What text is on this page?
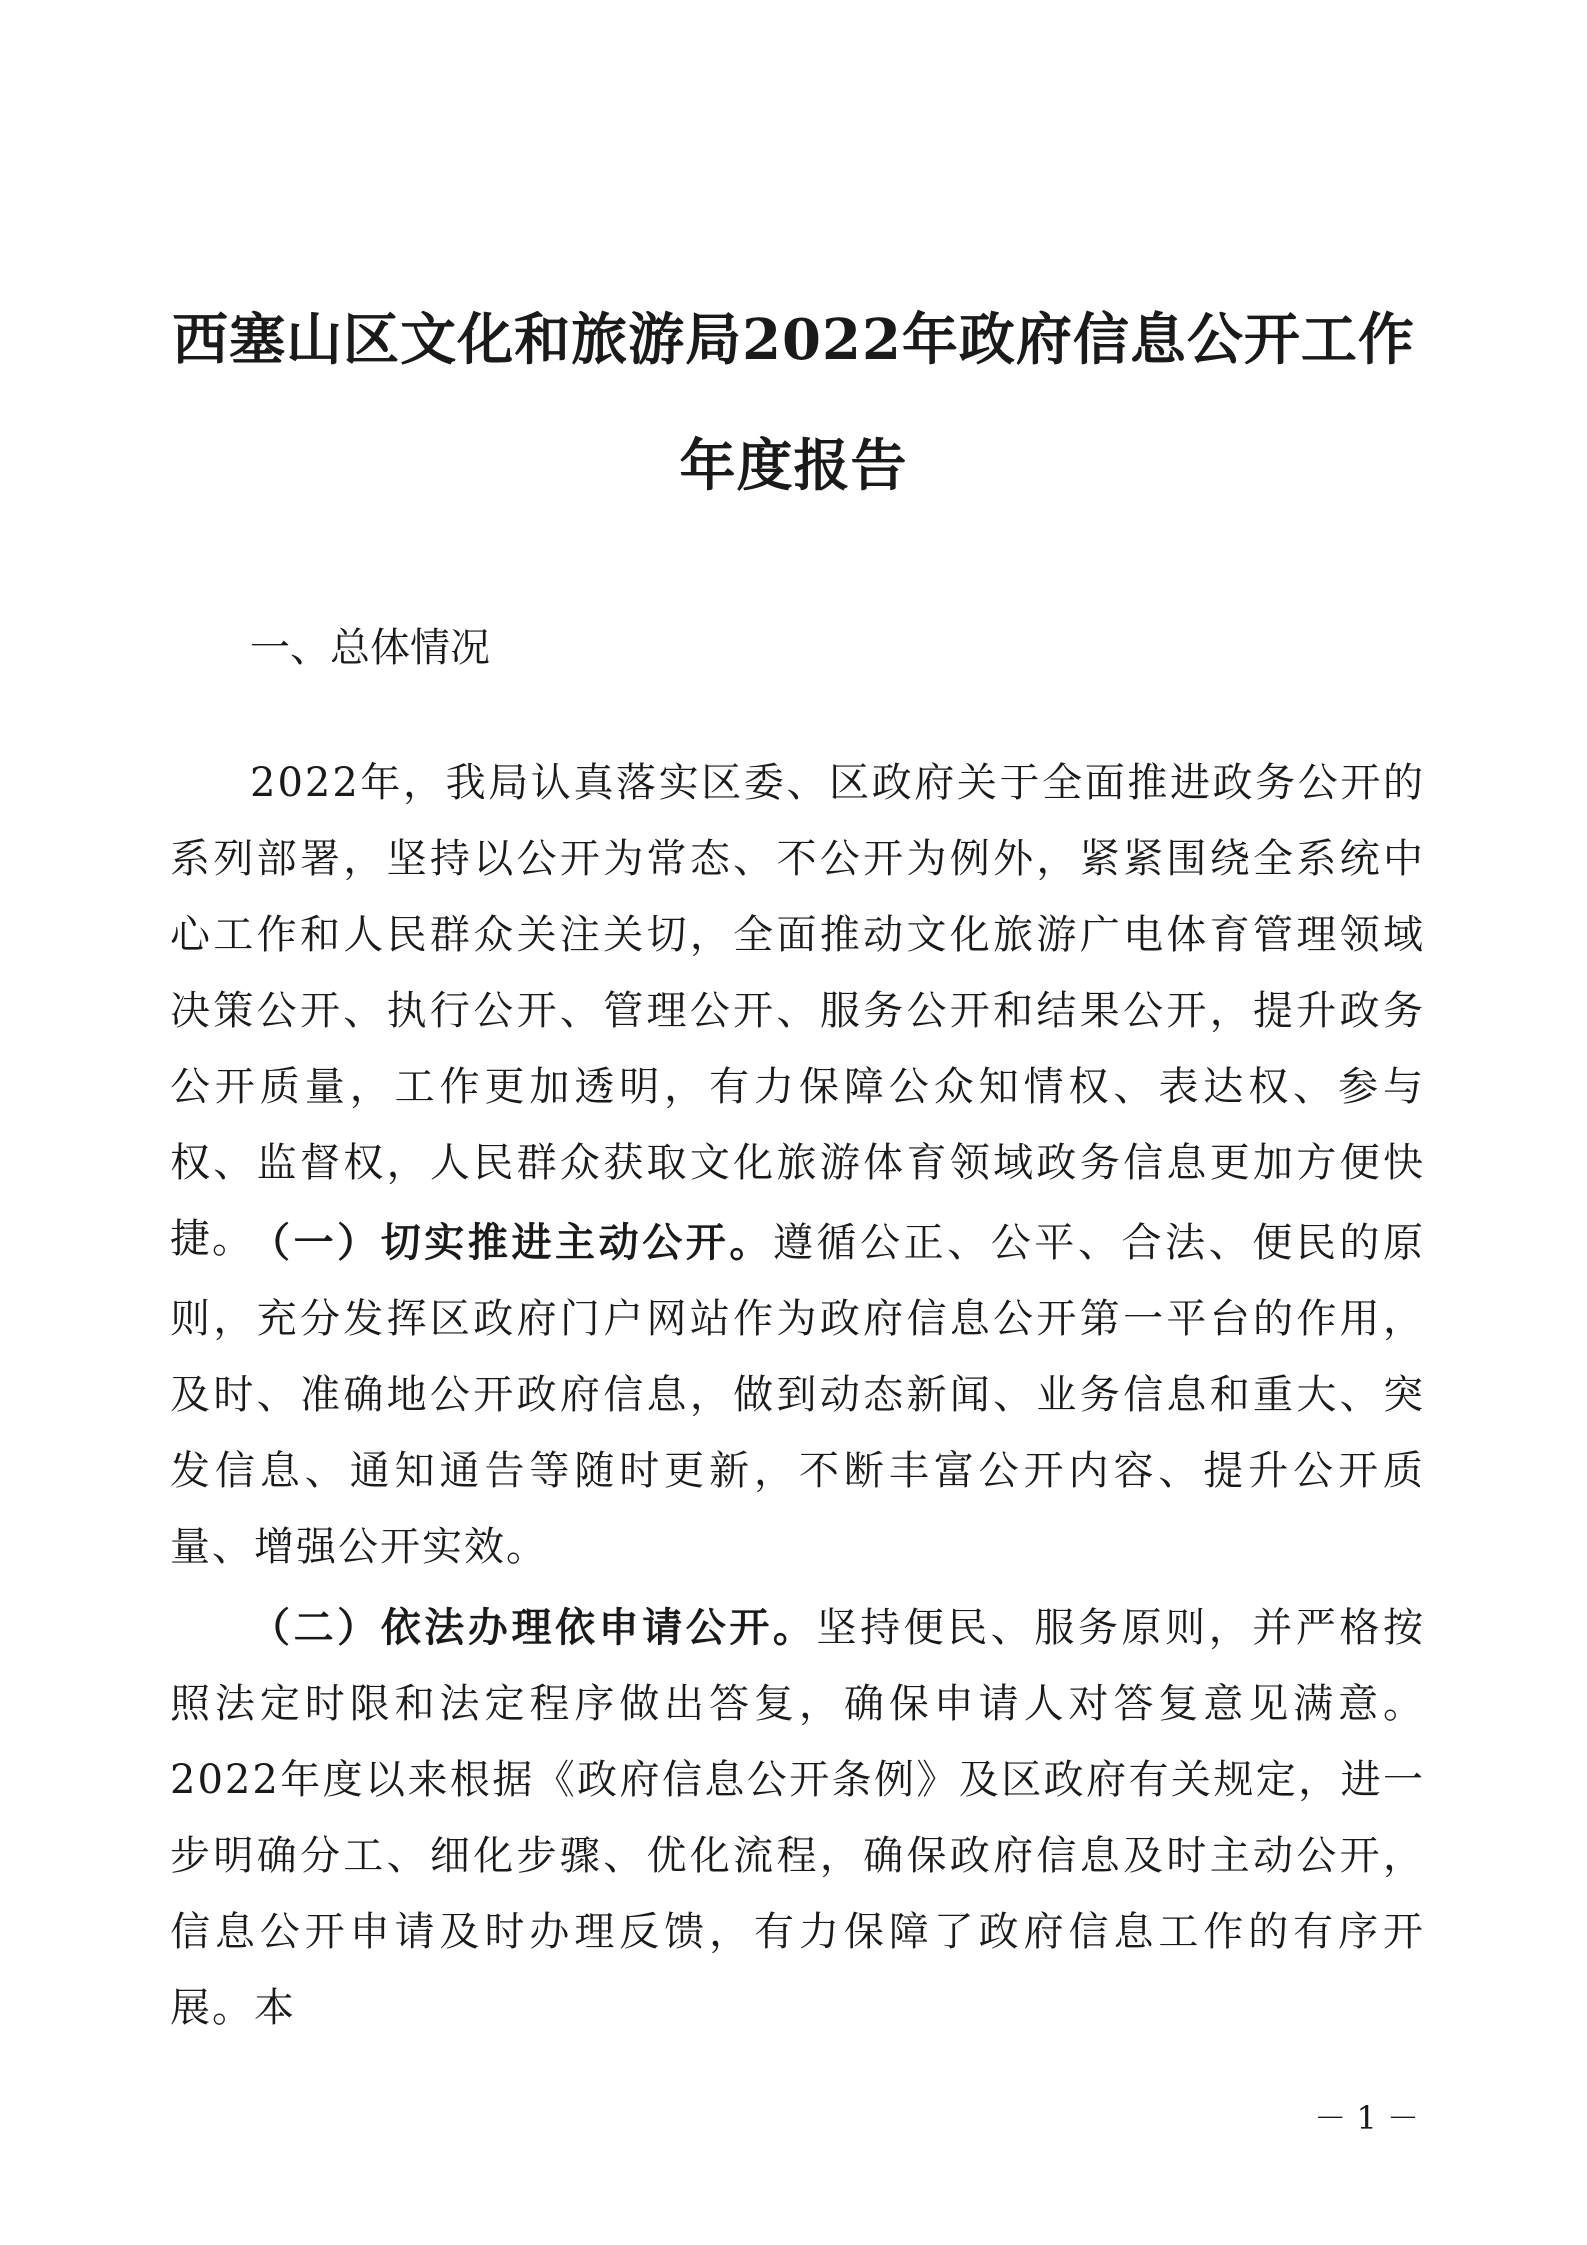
西塞山区文化和旅游局2022年政府信息公开工作
年度报告
一、总体情况

2022年，我局认真落实区委、区政府关于全面推进政务公开的系列部署，坚持以公开为常态、不公开为例外，紧紧围绕全系统中心工作和人民群众关注关切，全面推动文化旅游广电体育管理领域决策公开、执行公开、管理公开、服务公开和结果公开，提升政务公开质量，工作更加透明，有力保障公众知情权、表达权、参与权、监督权，人民群众获取文化旅游体育领域政务信息更加方便快捷。

（一）切实推进主动公开。遵循公正、公平、合法、便民的原则，充分发挥区政府门户网站作为政府信息公开第一平台的作用，及时、准确地公开政府信息，做到动态新闻、业务信息和重大、突发信息、通知通告等随时更新，不断丰富公开内容、提升公开质量、增强公开实效。

（二）依法办理依申请公开。坚持便民、服务原则，并严格按照法定时限和法定程序做出答复，确保申请人对答复意见满意。2022年度以来根据《政府信息公开条例》及区政府有关规定，进一步明确分工、细化步骤、优化流程，确保政府信息及时主动公开，信息公开申请及时办理反馈，有力保障了政府信息工作的有序开展。本

－ 1 －
